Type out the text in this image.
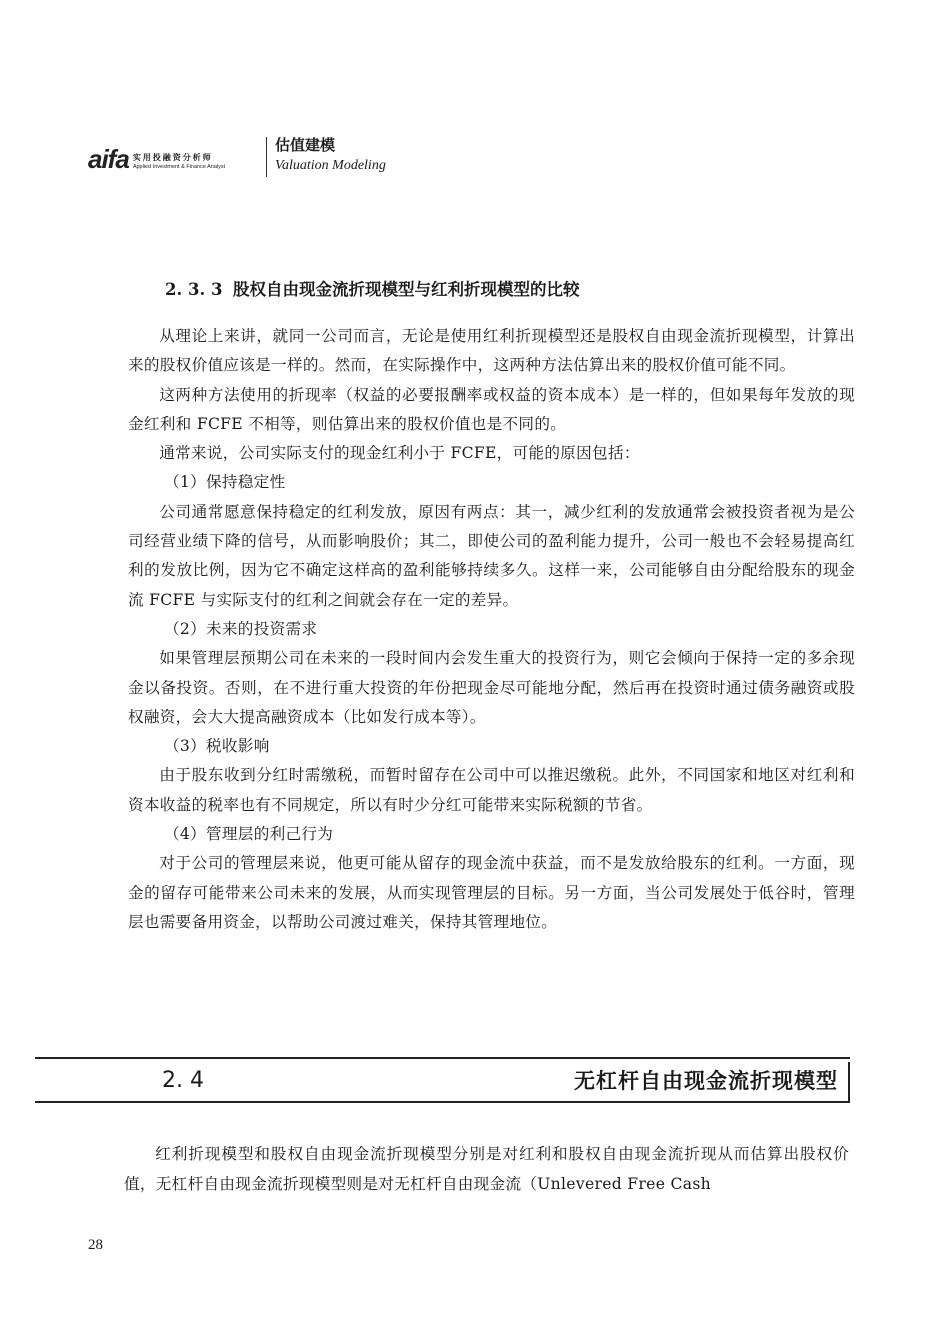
aifa 实用投融资分析师
Applied Investment & Finance Analyst
估值建模
Valuation Modeling
2. 3. 3 股权自由现金流折现模型与红利折现模型的比较

从理论上来讲，就同一公司而言，无论是使用红利折现模型还是股权自由现金流折现模型，计算出来的股权价值应该是一样的。然而，在实际操作中，这两种方法估算出来的股权价值可能不同。

这两种方法使用的折现率（权益的必要报酬率或权益的资本成本）是一样的，但如果每年发放的现金红利和 FCFE 不相等，则估算出来的股权价值也是不同的。

通常来说，公司实际支付的现金红利小于 FCFE，可能的原因包括：

（1）保持稳定性

公司通常愿意保持稳定的红利发放，原因有两点：其一，减少红利的发放通常会被投资者视为是公司经营业绩下降的信号，从而影响股价；其二，即使公司的盈利能力提升，公司一般也不会轻易提高红利的发放比例，因为它不确定这样高的盈利能够持续多久。这样一来，公司能够自由分配给股东的现金流 FCFE 与实际支付的红利之间就会存在一定的差异。

（2）未来的投资需求

如果管理层预期公司在未来的一段时间内会发生重大的投资行为，则它会倾向于保持一定的多余现金以备投资。否则，在不进行重大投资的年份把现金尽可能地分配，然后再在投资时通过债务融资或股权融资，会大大提高融资成本（比如发行成本等）。

（3）税收影响

由于股东收到分红时需缴税，而暂时留存在公司中可以推迟缴税。此外，不同国家和地区对红利和资本收益的税率也有不同规定，所以有时少分红可能带来实际税额的节省。

（4）管理层的利己行为

对于公司的管理层来说，他更可能从留存的现金流中获益，而不是发放给股东的红利。一方面，现金的留存可能带来公司未来的发展，从而实现管理层的目标。另一方面，当公司发展处于低谷时，管理层也需要备用资金，以帮助公司渡过难关，保持其管理地位。

2. 4	无杠杆自由现金流折现模型

红利折现模型和股权自由现金流折现模型分别是对红利和股权自由现金流折现从而估算出股权价值，无杠杆自由现金流折现模型则是对无杠杆自由现金流（Unlevered Free Cash

28
